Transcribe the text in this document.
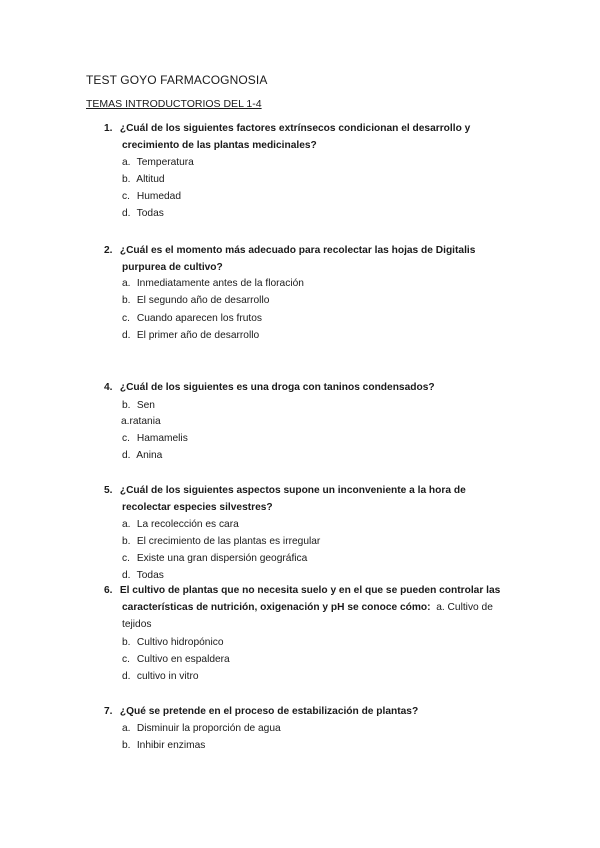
TEST GOYO FARMACOGNOSIA
TEMAS INTRODUCTORIOS DEL 1-4
1. ¿Cuál de los siguientes factores extrínsecos condicionan el desarrollo y
crecimiento de las plantas medicinales?
a. Temperatura
b. Altitud
c. Humedad
d. Todas
2. ¿Cuál es el momento más adecuado para recolectar las hojas de Digitalis
purpurea de cultivo?
a. Inmediatamente antes de la floración
b. El segundo año de desarrollo
c. Cuando aparecen los frutos
d. El primer año de desarrollo
4. ¿Cuál de los siguientes es una droga con taninos condensados?
b. Sen
a.ratania
c. Hamamelis
d. Anina
5. ¿Cuál de los siguientes aspectos supone un inconveniente a la hora de
recolectar especies silvestres?
a. La recolección es cara
b. El crecimiento de las plantas es irregular
c. Existe una gran dispersión geográfica
d. Todas
6. El cultivo de plantas que no necesita suelo y en el que se pueden controlar las
características de nutrición, oxigenación y pH se conoce cómo: a. Cultivo de
tejidos
b. Cultivo hidropónico
c. Cultivo en espaldera
d. cultivo in vitro
7. ¿Qué se pretende en el proceso de estabilización de plantas?
a. Disminuir la proporción de agua
b. Inhibir enzimas
